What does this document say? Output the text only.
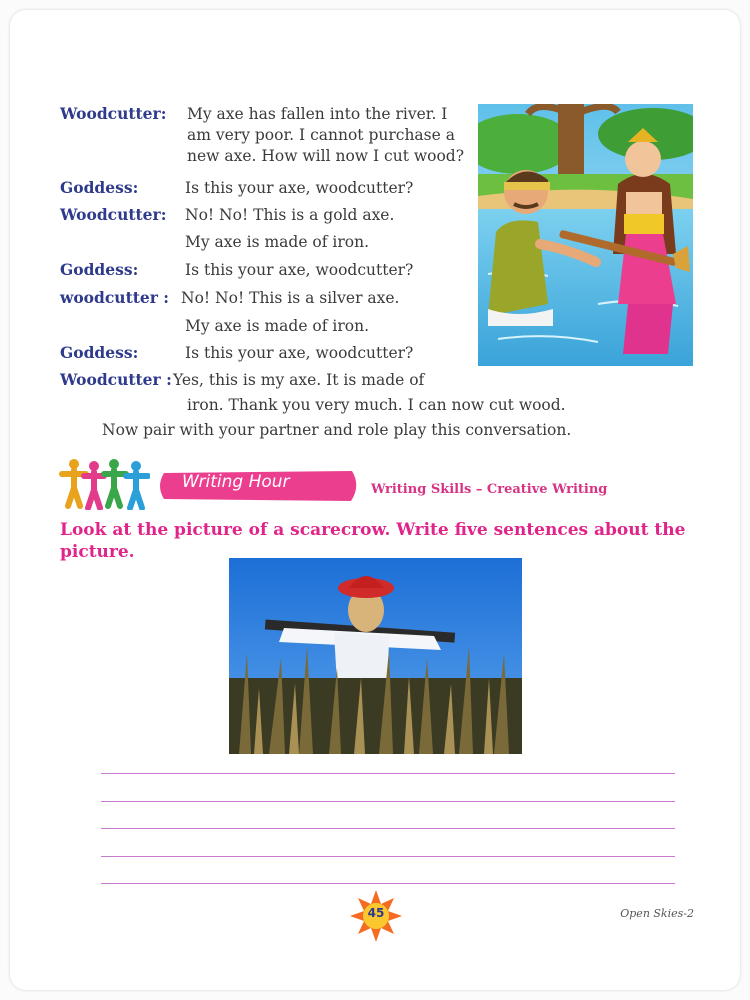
Woodcutter: My axe has fallen into the river. I
am very poor. I cannot purchase a
new axe. How will now I cut wood?
Goddess:	Is this your axe, woodcutter?
Woodcutter: No! No! This is a gold axe.
My axe is made of iron.
Goddess:	Is this your axe, woodcutter?
woodcutter : No! No! This is a silver axe.
My axe is made of iron.
Goddess:	Is this your axe, woodcutter?
Woodcutter : Yes, this is my axe. It is made of
iron. Thank you very much. I can now cut wood.
Now pair with your partner and role play this conversation.
Writing Hour	Writing Skills – Creative Writing
Look at the picture of a scarecrow. Write five sentences about the picture.
45	Open Skies-2
